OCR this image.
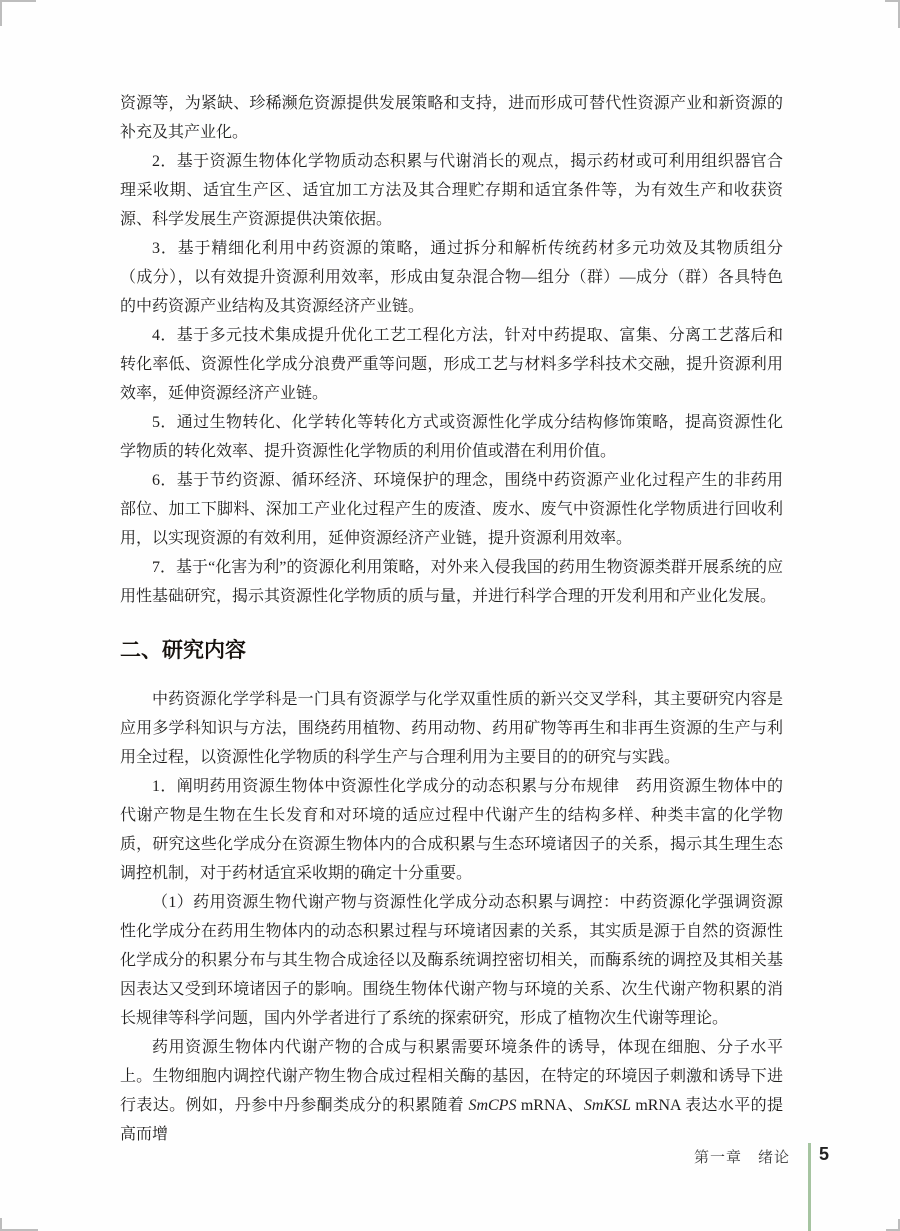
资源等，为紧缺、珍稀濒危资源提供发展策略和支持，进而形成可替代性资源产业和新资源的补充及其产业化。

2．基于资源生物体化学物质动态积累与代谢消长的观点，揭示药材或可利用组织器官合理采收期、适宜生产区、适宜加工方法及其合理贮存期和适宜条件等，为有效生产和收获资源、科学发展生产资源提供决策依据。

3．基于精细化利用中药资源的策略，通过拆分和解析传统药材多元功效及其物质组分（成分），以有效提升资源利用效率，形成由复杂混合物—组分（群）—成分（群）各具特色的中药资源产业结构及其资源经济产业链。

4．基于多元技术集成提升优化工艺工程化方法，针对中药提取、富集、分离工艺落后和转化率低、资源性化学成分浪费严重等问题，形成工艺与材料多学科技术交融，提升资源利用效率，延伸资源经济产业链。

5．通过生物转化、化学转化等转化方式或资源性化学成分结构修饰策略，提高资源性化学物质的转化效率、提升资源性化学物质的利用价值或潜在利用价值。

6．基于节约资源、循环经济、环境保护的理念，围绕中药资源产业化过程产生的非药用部位、加工下脚料、深加工产业化过程产生的废渣、废水、废气中资源性化学物质进行回收利用，以实现资源的有效利用，延伸资源经济产业链，提升资源利用效率。

7．基于“化害为利”的资源化利用策略，对外来入侵我国的药用生物资源类群开展系统的应用性基础研究，揭示其资源性化学物质的质与量，并进行科学合理的开发利用和产业化发展。

二、研究内容

中药资源化学学科是一门具有资源学与化学双重性质的新兴交叉学科，其主要研究内容是应用多学科知识与方法，围绕药用植物、药用动物、药用矿物等再生和非再生资源的生产与利用全过程，以资源性化学物质的科学生产与合理利用为主要目的的研究与实践。

1．阐明药用资源生物体中资源性化学成分的动态积累与分布规律　药用资源生物体中的代谢产物是生物在生长发育和对环境的适应过程中代谢产生的结构多样、种类丰富的化学物质，研究这些化学成分在资源生物体内的合成积累与生态环境诸因子的关系，揭示其生理生态调控机制，对于药材适宜采收期的确定十分重要。

（1）药用资源生物代谢产物与资源性化学成分动态积累与调控：中药资源化学强调资源性化学成分在药用生物体内的动态积累过程与环境诸因素的关系，其实质是源于自然的资源性化学成分的积累分布与其生物合成途径以及酶系统调控密切相关，而酶系统的调控及其相关基因表达又受到环境诸因子的影响。围绕生物体代谢产物与环境的关系、次生代谢产物积累的消长规律等科学问题，国内外学者进行了系统的探索研究，形成了植物次生代谢等理论。

药用资源生物体内代谢产物的合成与积累需要环境条件的诱导，体现在细胞、分子水平上。生物细胞内调控代谢产物生物合成过程相关酶的基因，在特定的环境因子刺激和诱导下进行表达。例如，丹参中丹参酮类成分的积累随着 SmCPS mRNA、SmKSL mRNA 表达水平的提高而增

第一章　绪论 5
